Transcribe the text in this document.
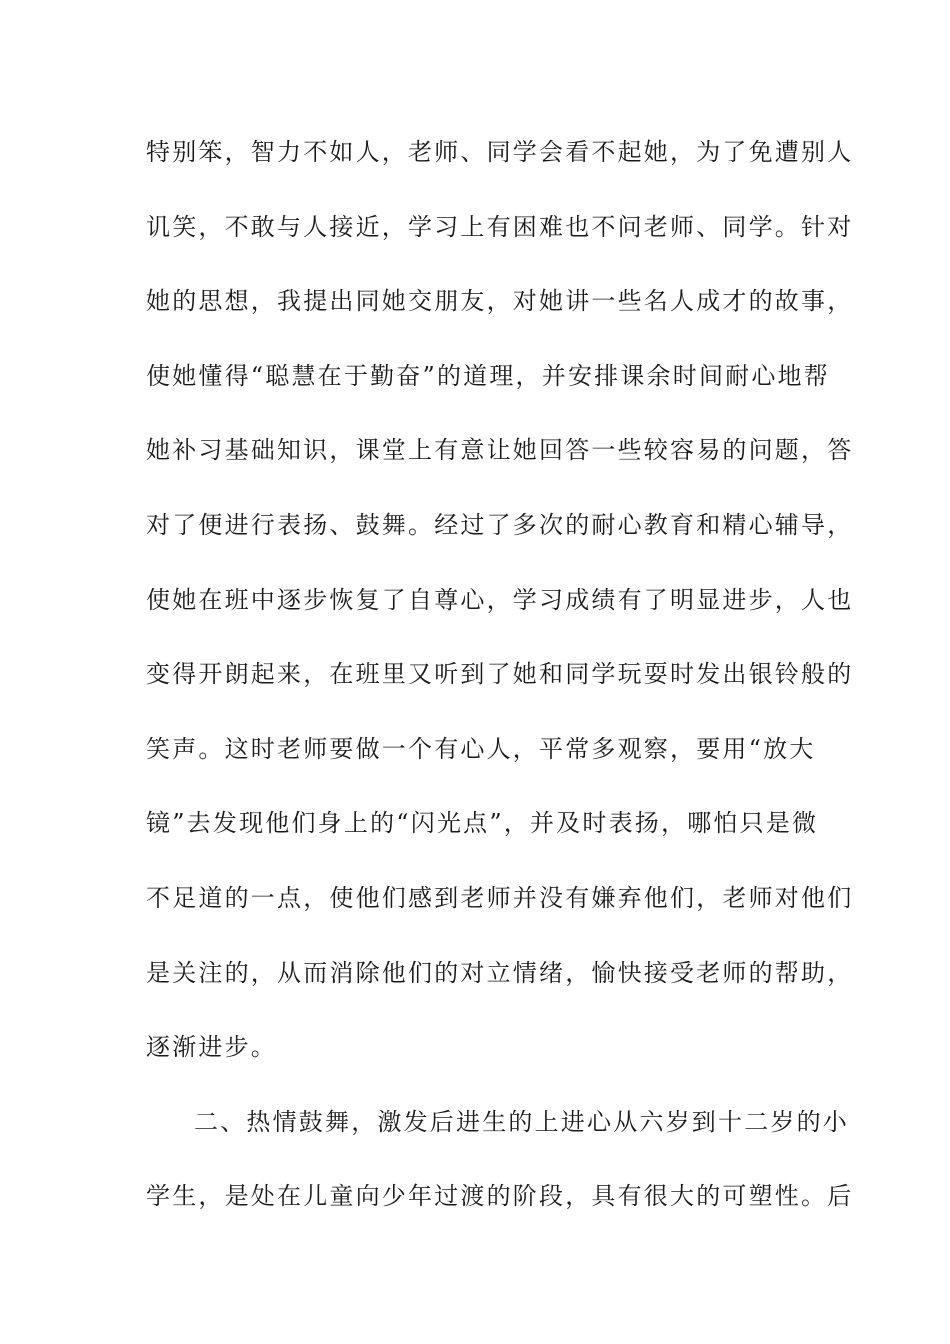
特别笨，智力不如人，老师、同学会看不起她，为了免遭别人
讥笑，不敢与人接近，学习上有困难也不问老师、同学。针对
她的思想，我提出同她交朋友，对她讲一些名人成才的故事，
使她懂得“聪慧在于勤奋”的道理，并安排课余时间耐心地帮
她补习基础知识，课堂上有意让她回答一些较容易的问题，答
对了便进行表扬、鼓舞。经过了多次的耐心教育和精心辅导，
使她在班中逐步恢复了自尊心，学习成绩有了明显进步，人也
变得开朗起来，在班里又听到了她和同学玩耍时发出银铃般的
笑声。这时老师要做一个有心人，平常多观察，要用“放大
镜”去发现他们身上的“闪光点”，并及时表扬，哪怕只是微
不足道的一点，使他们感到老师并没有嫌弃他们，老师对他们
是关注的，从而消除他们的对立情绪，愉快接受老师的帮助，
逐渐进步。
二、热情鼓舞，激发后进生的上进心从六岁到十二岁的小
学生，是处在儿童向少年过渡的阶段，具有很大的可塑性。后
